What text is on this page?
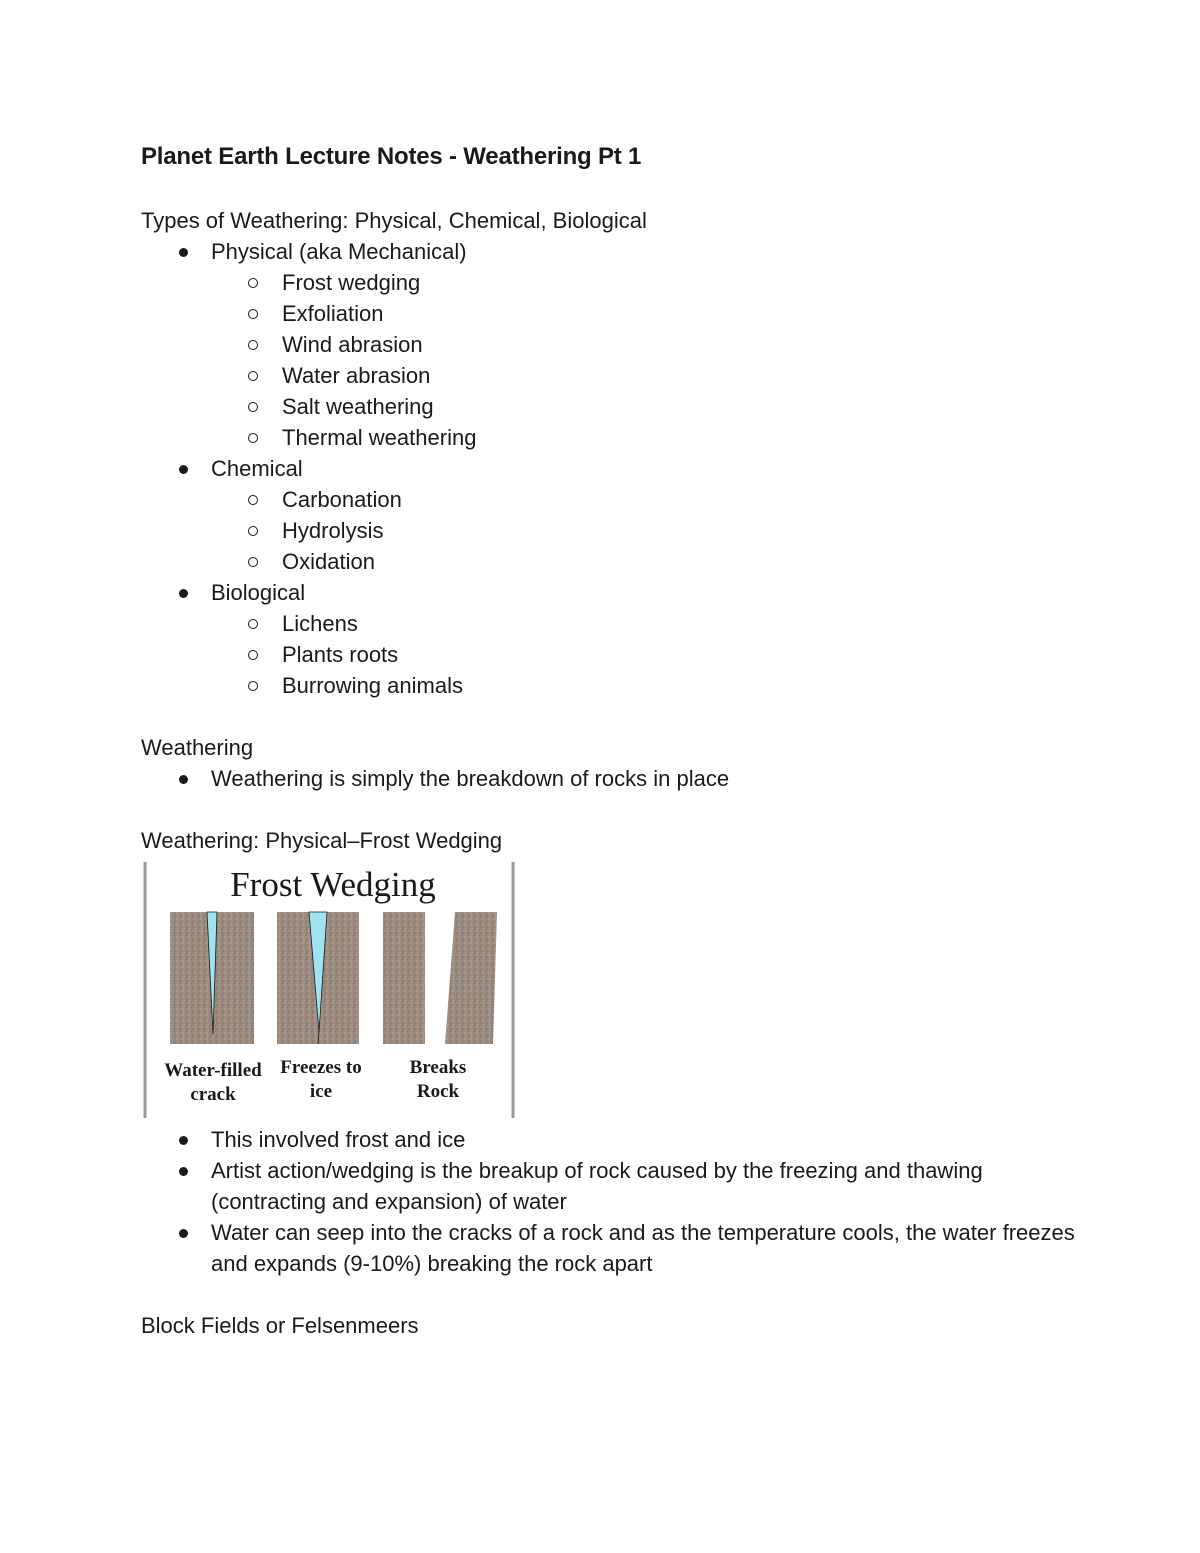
Planet Earth Lecture Notes - Weathering Pt 1

Types of Weathering: Physical, Chemical, Biological

Physical (aka Mechanical)
Frost wedging
Exfoliation
Wind abrasion
Water abrasion
Salt weathering
Thermal weathering
Chemical
Carbonation
Hydrolysis
Oxidation
Biological
Lichens
Plants roots
Burrowing animals

Weathering

Weathering is simply the breakdown of rocks in place

Weathering: Physical–Frost Wedging

Frost Wedging
Water-filled
crack
Freezes to
ice
Breaks
Rock
This involved frost and ice
Artist action/wedging is the breakup of rock caused by the freezing and thawing (contracting and expansion) of water
Water can seep into the cracks of a rock and as the temperature cools, the water freezes and expands (9-10%) breaking the rock apart

Block Fields or Felsenmeers
